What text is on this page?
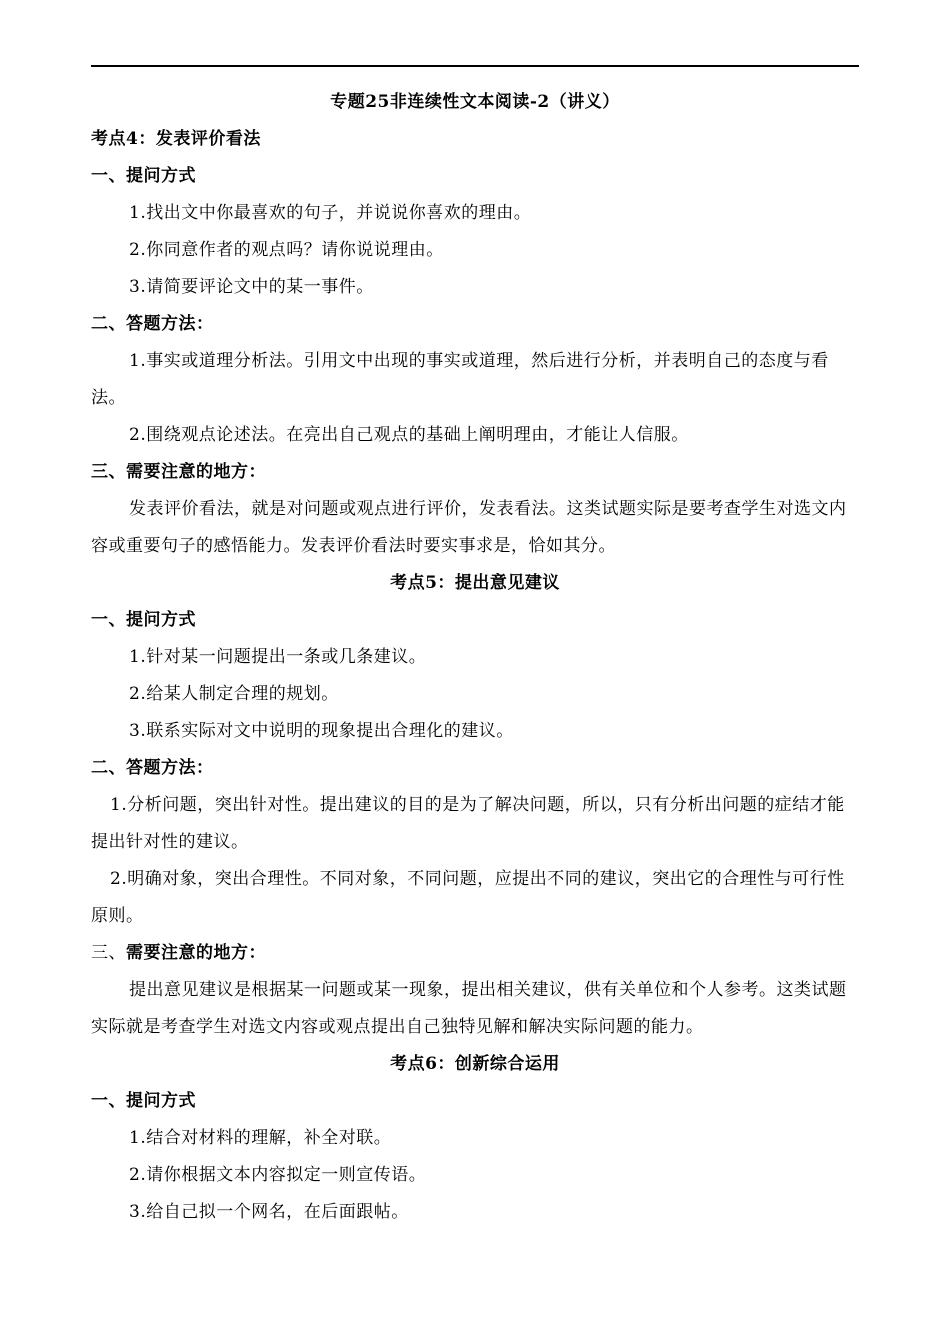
专题25非连续性文本阅读-2（讲义）

考点4：发表评价看法

一、提问方式

1.找出文中你最喜欢的句子，并说说你喜欢的理由。

2.你同意作者的观点吗？请你说说理由。

3.请简要评论文中的某一事件。

二、答题方法：

1.事实或道理分析法。引用文中出现的事实或道理，然后进行分析，并表明自己的态度与看法。

2.围绕观点论述法。在亮出自己观点的基础上阐明理由，才能让人信服。

三、需要注意的地方：

发表评价看法，就是对问题或观点进行评价，发表看法。这类试题实际是要考查学生对选文内容或重要句子的感悟能力。发表评价看法时要实事求是，恰如其分。

考点5：提出意见建议

一、提问方式

1.针对某一问题提出一条或几条建议。

2.给某人制定合理的规划。

3.联系实际对文中说明的现象提出合理化的建议。

二、答题方法：

1.分析问题，突出针对性。提出建议的目的是为了解决问题，所以，只有分析出问题的症结才能提出针对性的建议。

2.明确对象，突出合理性。不同对象，不同问题，应提出不同的建议，突出它的合理性与可行性原则。

三、需要注意的地方：

提出意见建议是根据某一问题或某一现象，提出相关建议，供有关单位和个人参考。这类试题实际就是考查学生对选文内容或观点提出自己独特见解和解决实际问题的能力。

考点6：创新综合运用

一、提问方式

1.结合对材料的理解，补全对联。

2.请你根据文本内容拟定一则宣传语。

3.给自己拟一个网名，在后面跟帖。
